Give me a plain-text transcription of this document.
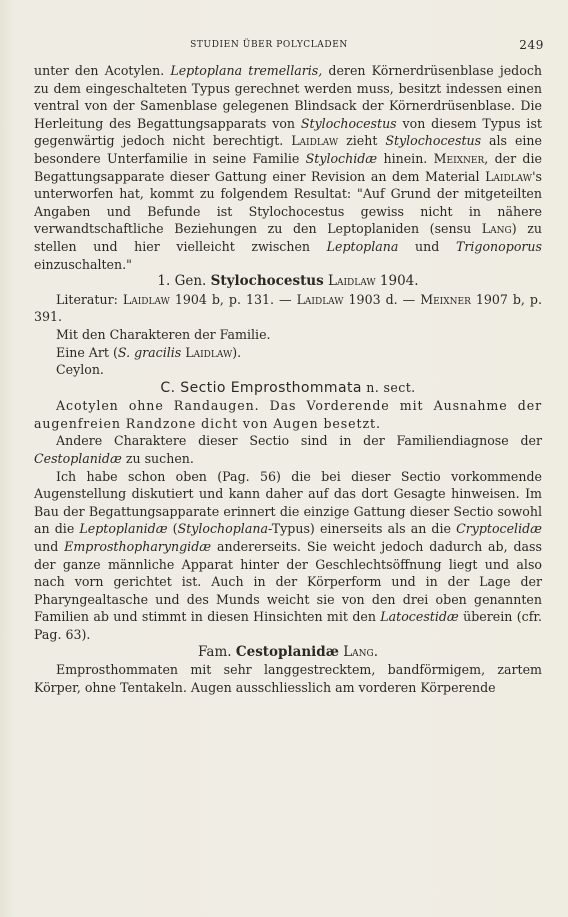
STUDIEN ÜBER POLYCLADEN	249

unter den Acotylen. Leptoplana tremellaris, deren Körnerdrüsenblase jedoch zu dem eingeschalteten Typus gerechnet werden muss, besitzt indessen einen ventral von der Samenblase gelegenen Blindsack der Körnerdrüsenblase. Die Herleitung des Begattungsapparats von Stylochocestus von diesem Typus ist gegenwärtig jedoch nicht berechtigt. Laidlaw zieht Stylochocestus als eine besondere Unterfamilie in seine Familie Stylochidæ hinein. Meixner, der die Begattungsapparate dieser Gattung einer Revision an dem Material Laidlaw's unterworfen hat, kommt zu folgendem Resultat: "Auf Grund der mitgeteilten Angaben und Befunde ist Stylochocestus gewiss nicht in nähere verwandtschaftliche Beziehungen zu den Leptoplaniden (sensu Lang) zu stellen und hier vielleicht zwischen Leptoplana und Trigonoporus einzuschalten."

1. Gen. Stylochocestus Laidlaw 1904.

Literatur: Laidlaw 1904 b, p. 131. — Laidlaw 1903 d. — Meixner 1907 b, p. 391.

Mit den Charakteren der Familie.

Eine Art (S. gracilis Laidlaw).

Ceylon.

C. Sectio Emprosthommata n. sect.

Acotylen ohne Randaugen. Das Vorderende mit Ausnahme der augenfreien Randzone dicht von Augen besetzt.

Andere Charaktere dieser Sectio sind in der Familiendiagnose der Cestoplanidæ zu suchen.

Ich habe schon oben (Pag. 56) die bei dieser Sectio vorkommende Augenstellung diskutiert und kann daher auf das dort Gesagte hinweisen. Im Bau der Begattungsapparate erinnert die einzige Gattung dieser Sectio sowohl an die Leptoplanidæ (Stylochoplana-Typus) einerseits als an die Cryptocelidæ und Emprosthopharyngidæ andererseits. Sie weicht jedoch dadurch ab, dass der ganze männliche Apparat hinter der Geschlechtsöffnung liegt und also nach vorn gerichtet ist. Auch in der Körperform und in der Lage der Pharyngealtasche und des Munds weicht sie von den drei oben genannten Familien ab und stimmt in diesen Hinsichten mit den Latocestidæ überein (cfr. Pag. 63).

Fam. Cestoplanidæ Lang.

Emprosthommaten mit sehr langgestrecktem, bandförmigem, zartem Körper, ohne Tentakeln. Augen ausschliesslich am vorderen Körperende
